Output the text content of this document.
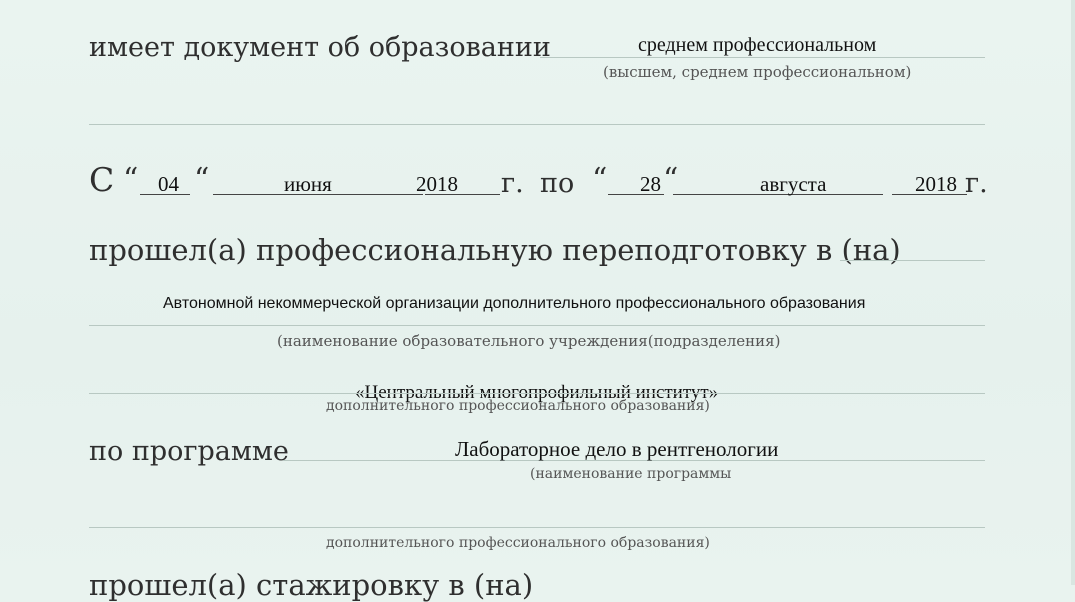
имеет документ об образовании	среднем профессиональном
(высшем, среднем профессиональном)
С “ 04 “	июня	2018 г. по “ 28 “	августа	2018 г.
прошел(а) профессиональную переподготовку в (на)
Автономной некоммерческой организации дополнительного профессионального образования
(наименование образовательного учреждения(подразделения)
«Центральный многопрофильный институт»
дополнительного профессионального образования)
по программе	Лабораторное дело в рентгенологии
(наименование программы
дополнительного профессионального образования)
прошел(а) стажировку в (на)
